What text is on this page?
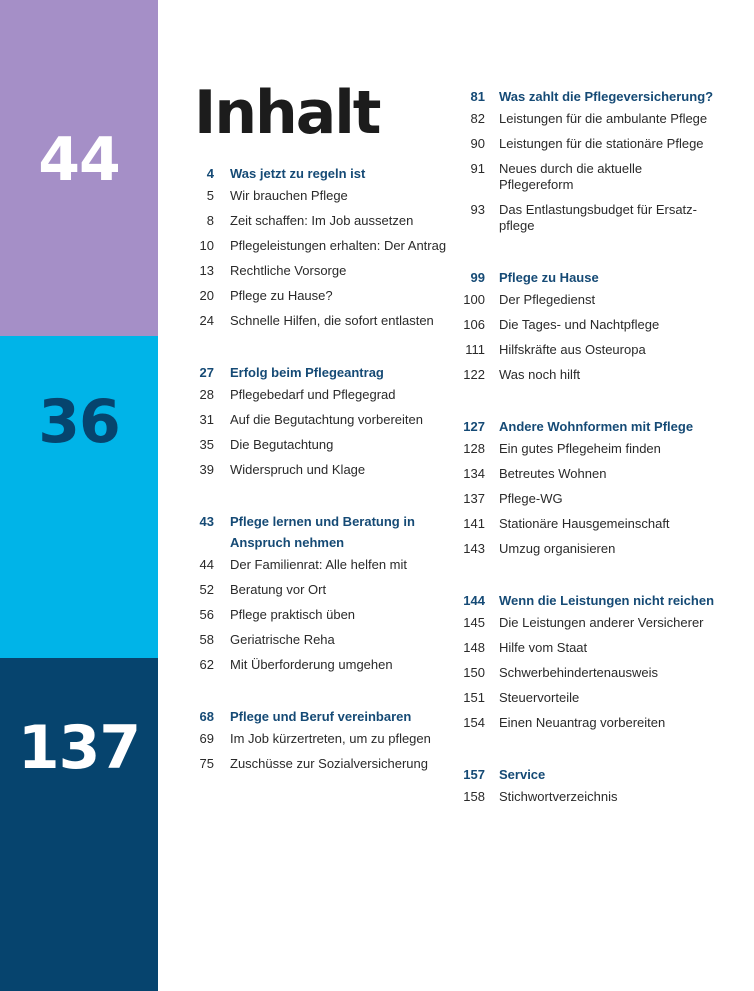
44
36
137
Inhalt
4 Was jetzt zu regeln ist
5 Wir brauchen Pflege
8 Zeit schaffen: Im Job aussetzen
10 Pflegeleistungen erhalten: Der Antrag
13 Rechtliche Vorsorge
20 Pflege zu Hause?
24 Schnelle Hilfen, die sofort entlasten
27 Erfolg beim Pflegeantrag
28 Pflegebedarf und Pflegegrad
31 Auf die Begutachtung vorbereiten
35 Die Begutachtung
39 Widerspruch und Klage
43 Pflege lernen und Beratung in Anspruch nehmen
44 Der Familienrat: Alle helfen mit
52 Beratung vor Ort
56 Pflege praktisch üben
58 Geriatrische Reha
62 Mit Überforderung umgehen
68 Pflege und Beruf vereinbaren
69 Im Job kürzertreten, um zu pflegen
75 Zuschüsse zur Sozialversicherung
81 Was zahlt die Pflegeversicherung?
82 Leistungen für die ambulante Pflege
90 Leistungen für die stationäre Pflege
91 Neues durch die aktuelle Pflegereform
93 Das Entlastungsbudget für Ersatzpflege
99 Pflege zu Hause
100 Der Pflegedienst
106 Die Tages- und Nachtpflege
111 Hilfskräfte aus Osteuropa
122 Was noch hilft
127 Andere Wohnformen mit Pflege
128 Ein gutes Pflegeheim finden
134 Betreutes Wohnen
137 Pflege-WG
141 Stationäre Hausgemeinschaft
143 Umzug organisieren
144 Wenn die Leistungen nicht reichen
145 Die Leistungen anderer Versicherer
148 Hilfe vom Staat
150 Schwerbehindertenausweis
151 Steuervorteile
154 Einen Neuantrag vorbereiten
157 Service
158 Stichwortverzeichnis
